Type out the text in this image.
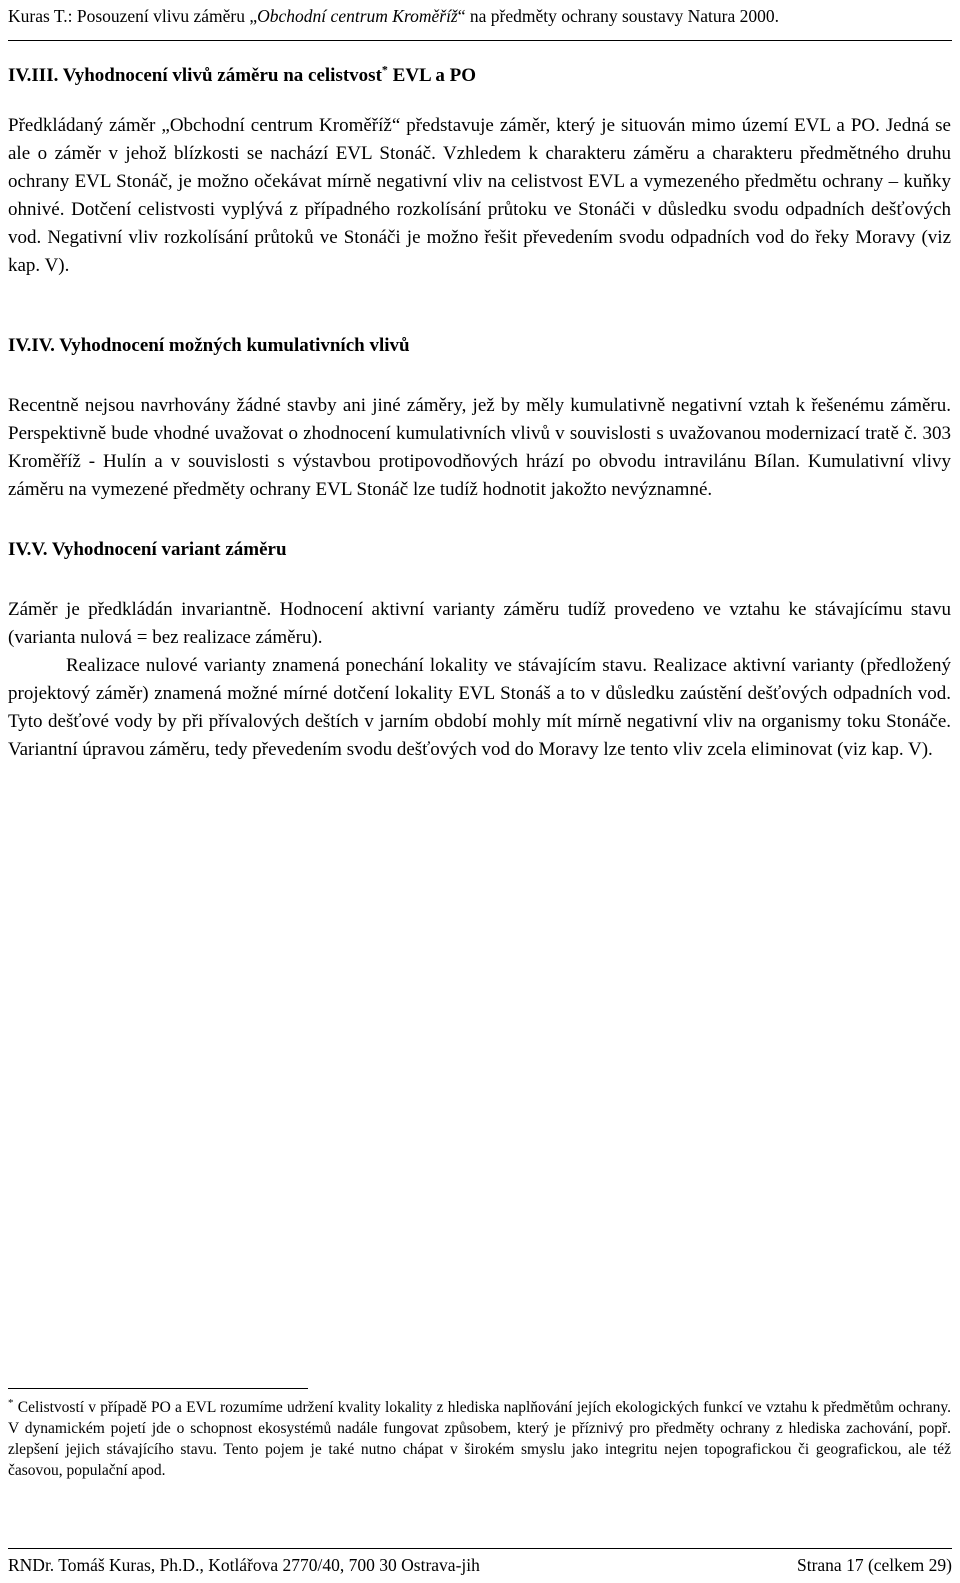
Kuras T.: Posouzení vlivu záměru „Obchodní centrum Kroměříž“ na předměty ochrany soustavy Natura 2000.
IV.III. Vyhodnocení vlivů záměru na celistvost* EVL a PO

Předkládaný záměr „Obchodní centrum Kroměříž“ představuje záměr, který je situován mimo území EVL a PO. Jedná se ale o záměr v jehož blízkosti se nachází EVL Stonáč. Vzhledem k charakteru záměru a charakteru předmětného druhu ochrany EVL Stonáč, je možno očekávat mírně negativní vliv na celistvost EVL a vymezeného předmětu ochrany – kuňky ohnivé. Dotčení celistvosti vyplývá z případného rozkolísání průtoku ve Stonáči v důsledku svodu odpadních dešťových vod. Negativní vliv rozkolísání průtoků ve Stonáči je možno řešit převedením svodu odpadních vod do řeky Moravy (viz kap. V).

IV.IV. Vyhodnocení možných kumulativních vlivů

Recentně nejsou navrhovány žádné stavby ani jiné záměry, jež by měly kumulativně negativní vztah k řešenému záměru. Perspektivně bude vhodné uvažovat o zhodnocení kumulativních vlivů v souvislosti s uvažovanou modernizací tratě č. 303 Kroměříž - Hulín a v souvislosti s výstavbou protipovodňových hrází po obvodu intravilánu Bílan. Kumulativní vlivy záměru na vymezené předměty ochrany EVL Stonáč lze tudíž hodnotit jakožto nevýznamné.

IV.V. Vyhodnocení variant záměru

Záměr je předkládán invariantně. Hodnocení aktivní varianty záměru tudíž provedeno ve vztahu ke stávajícímu stavu (varianta nulová = bez realizace záměru).

Realizace nulové varianty znamená ponechání lokality ve stávajícím stavu. Realizace aktivní varianty (předložený projektový záměr) znamená možné mírné dotčení lokality EVL Stonáš a to v důsledku zaústění dešťových odpadních vod. Tyto dešťové vody by při přívalových deštích v jarním období mohly mít mírně negativní vliv na organismy toku Stonáče. Variantní úpravou záměru, tedy převedením svodu dešťových vod do Moravy lze tento vliv zcela eliminovat (viz kap. V).

* Celistvostí v případě PO a EVL rozumíme udržení kvality lokality z hlediska naplňování jejích ekologických funkcí ve vztahu k předmětům ochrany. V dynamickém pojetí jde o schopnost ekosystémů nadále fungovat způsobem, který je příznivý pro předměty ochrany z hlediska zachování, popř. zlepšení jejich stávajícího stavu. Tento pojem je také nutno chápat v širokém smyslu jako integritu nejen topografickou či geografickou, ale též časovou, populační apod.

RNDr. Tomáš Kuras, Ph.D., Kotlářova 2770/40, 700 30 Ostrava-jih	Strana 17 (celkem 29)
